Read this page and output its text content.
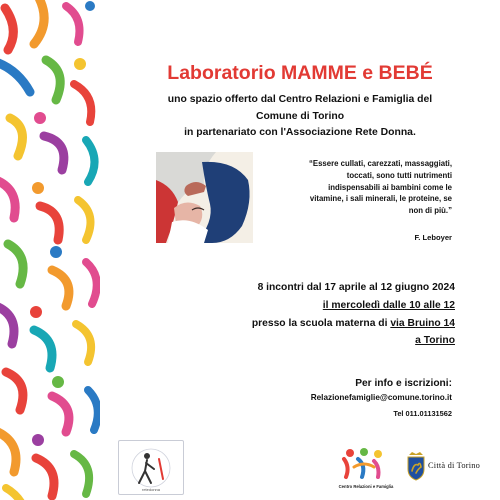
Laboratorio MAMME e BEBÉ
uno spazio offerto dal Centro Relazioni e Famiglia del
Comune di Torino
in partenariato con l'Associazione Rete Donna.
“Essere cullati, carezzati, massaggiati,
toccati, sono tutti nutrimenti
indispensabili ai bambini come le
vitamine, i sali minerali, le proteine, se
non di più.”
F. Leboyer
8 incontri dal 17 aprile al 12 giugno 2024
il mercoledì dalle 10 alle 12
presso la scuola materna di via Bruino 14
a Torino
Per info e iscrizioni:
Relazionefamiglie@comune.torino.it
Tel 011.01131562
retedonna
Centro Relazioni e Famiglia
Città di Torino
